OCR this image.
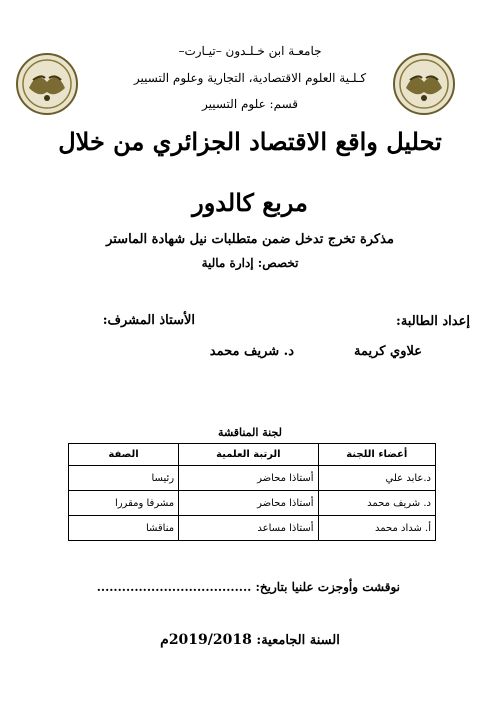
جامعـة ابن خـلـدون –تيـارت–
كـلـية العلوم الاقتصادية، التجارية وعلوم التسيير
قسم: علوم التسيير
تحليل واقع الاقتصاد الجزائري من خلال
مربع كالدور
مذكرة تخرج تدخل ضمن متطلبات نيل شهادة الماستر
تخصص: إدارة مالية
إعداد الطالبة:
الأستاذ المشرف:
علاوي كريمة
د. شريف محمد
لجنة المناقشة
أعضاء اللجنة	الرتبة العلمية	الصفة
د.عابد علي	أستاذا محاضر	رئيسا
د. شريف محمد	أستاذا محاضر	مشرفا ومقررا
أ. شداد محمد	أستاذا مساعد	مناقشا
نوقشت وأوجزت علنيا بتاريخ: .....................................
السنة الجامعية: 2019/2018م
